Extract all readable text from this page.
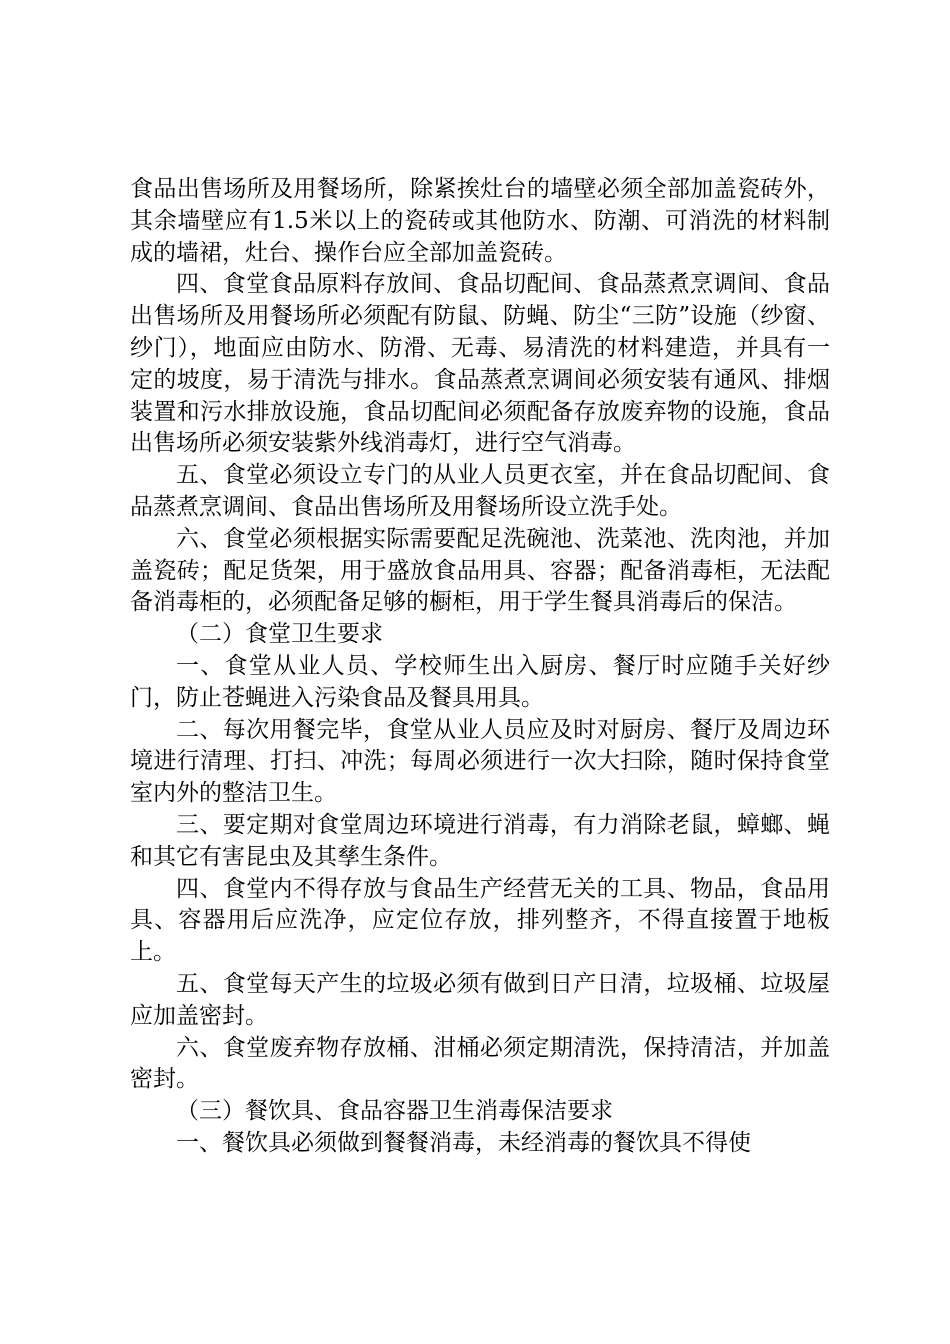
食品出售场所及用餐场所，除紧挨灶台的墙壁必须全部加盖瓷砖外，其余墙壁应有1.5米以上的瓷砖或其他防水、防潮、可消洗的材料制成的墙裙，灶台、操作台应全部加盖瓷砖。

四、食堂食品原料存放间、食品切配间、食品蒸煮烹调间、食品出售场所及用餐场所必须配有防鼠、防蝇、防尘“三防”设施（纱窗、纱门），地面应由防水、防滑、无毒、易清洗的材料建造，并具有一定的坡度，易于清洗与排水。食品蒸煮烹调间必须安装有通风、排烟装置和污水排放设施，食品切配间必须配备存放废弃物的设施，食品出售场所必须安装紫外线消毒灯，进行空气消毒。

五、食堂必须设立专门的从业人员更衣室，并在食品切配间、食品蒸煮烹调间、食品出售场所及用餐场所设立洗手处。

六、食堂必须根据实际需要配足洗碗池、洗菜池、洗肉池，并加盖瓷砖；配足货架，用于盛放食品用具、容器；配备消毒柜，无法配备消毒柜的，必须配备足够的橱柜，用于学生餐具消毒后的保洁。

（二）食堂卫生要求

一、食堂从业人员、学校师生出入厨房、餐厅时应随手关好纱门，防止苍蝇进入污染食品及餐具用具。

二、每次用餐完毕，食堂从业人员应及时对厨房、餐厅及周边环境进行清理、打扫、冲洗；每周必须进行一次大扫除，随时保持食堂室内外的整洁卫生。

三、要定期对食堂周边环境进行消毒，有力消除老鼠，蟑螂、蝇和其它有害昆虫及其孳生条件。

四、食堂内不得存放与食品生产经营无关的工具、物品，食品用具、容器用后应洗净，应定位存放，排列整齐，不得直接置于地板上。

五、食堂每天产生的垃圾必须有做到日产日清，垃圾桶、垃圾屋应加盖密封。

六、食堂废弃物存放桶、泔桶必须定期清洗，保持清洁，并加盖密封。

（三）餐饮具、食品容器卫生消毒保洁要求

一、餐饮具必须做到餐餐消毒，未经消毒的餐饮具不得使
